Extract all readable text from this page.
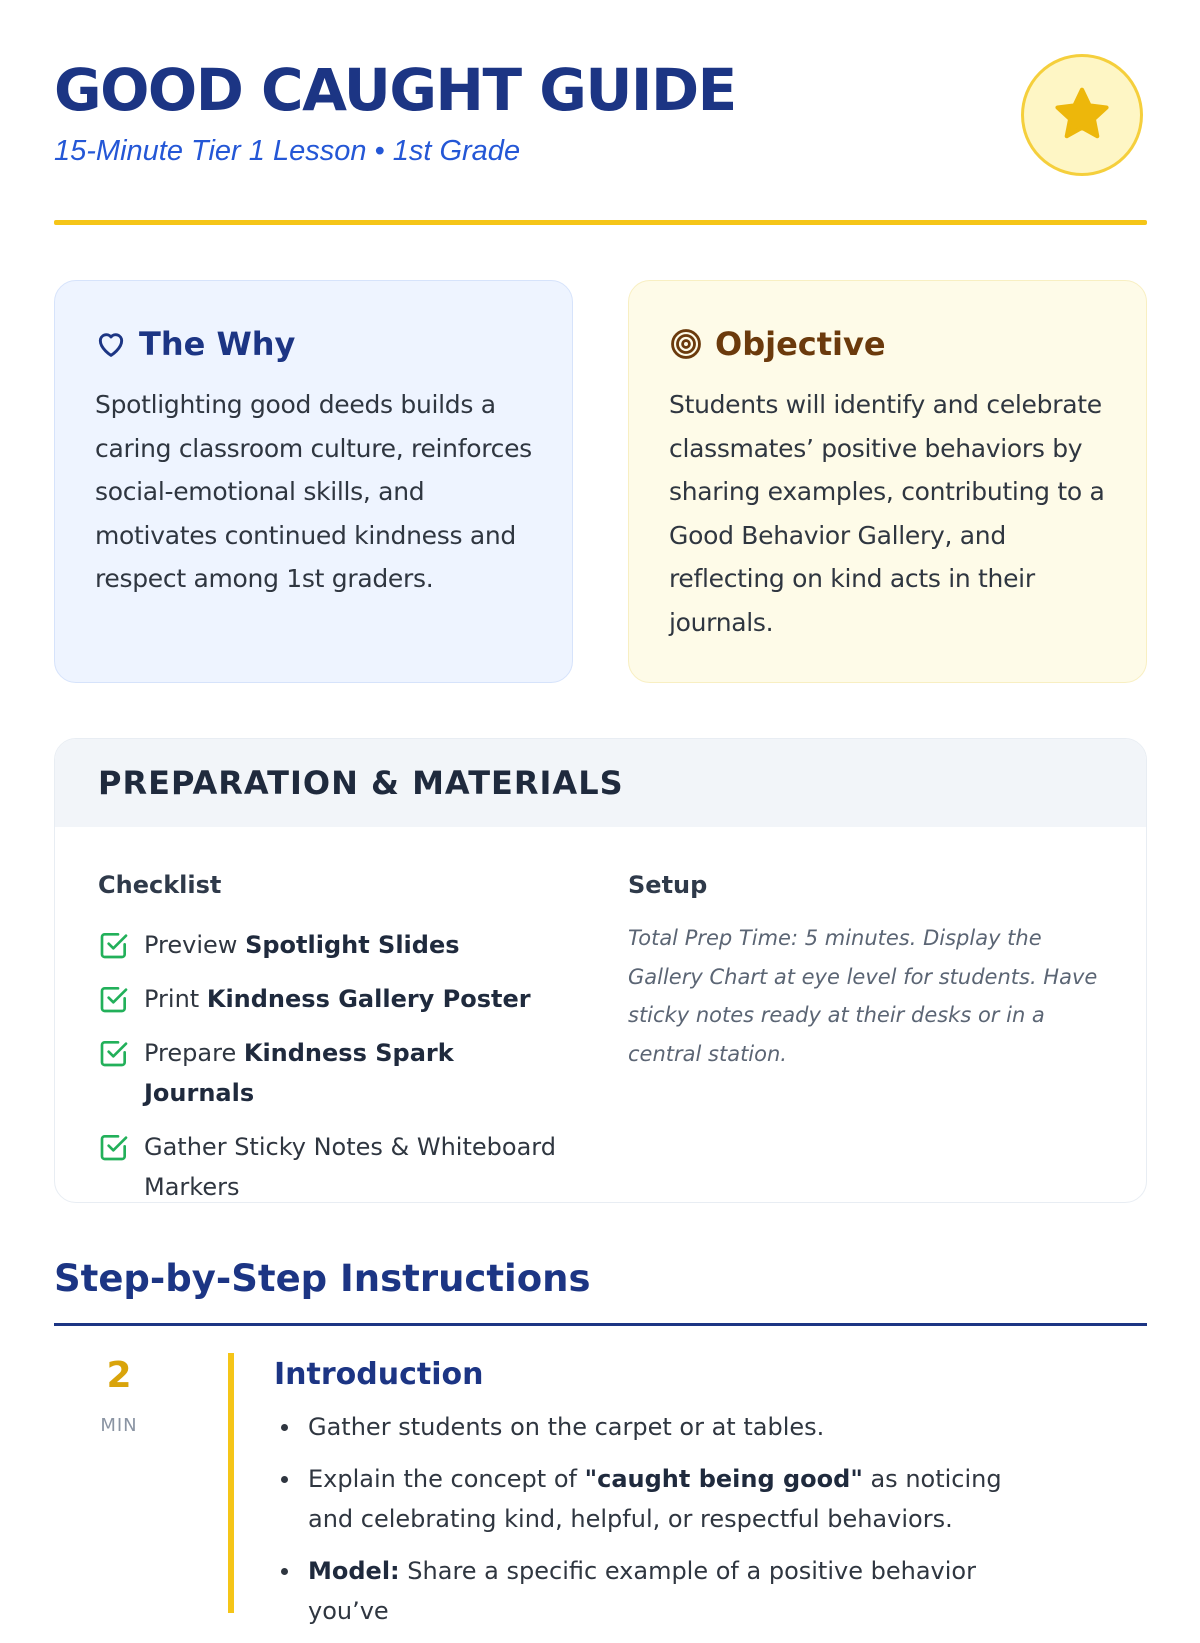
GOOD CAUGHT GUIDE

15-Minute Tier 1 Lesson • 1st Grade

The Why

Spotlighting good deeds builds a caring classroom culture, reinforces social-emotional skills, and motivates continued kindness and respect among 1st graders.

Objective

Students will identify and celebrate classmates’ positive behaviors by sharing examples, contributing to a Good Behavior Gallery, and reflecting on kind acts in their journals.

PREPARATION & MATERIALS
Checklist
Preview Spotlight Slides
Print Kindness Gallery Poster
Prepare Kindness Spark Journals
Gather Sticky Notes & Whiteboard Markers
Setup

Total Prep Time: 5 minutes. Display the Gallery Chart at eye level for students. Have sticky notes ready at their desks or in a central station.

Step-by-Step Instructions
2
MIN
Introduction
Gather students on the carpet or at tables.
Explain the concept of "caught being good" as noticing and celebrating kind, helpful, or respectful behaviors.
Model: Share a specific example of a positive behavior you’ve
